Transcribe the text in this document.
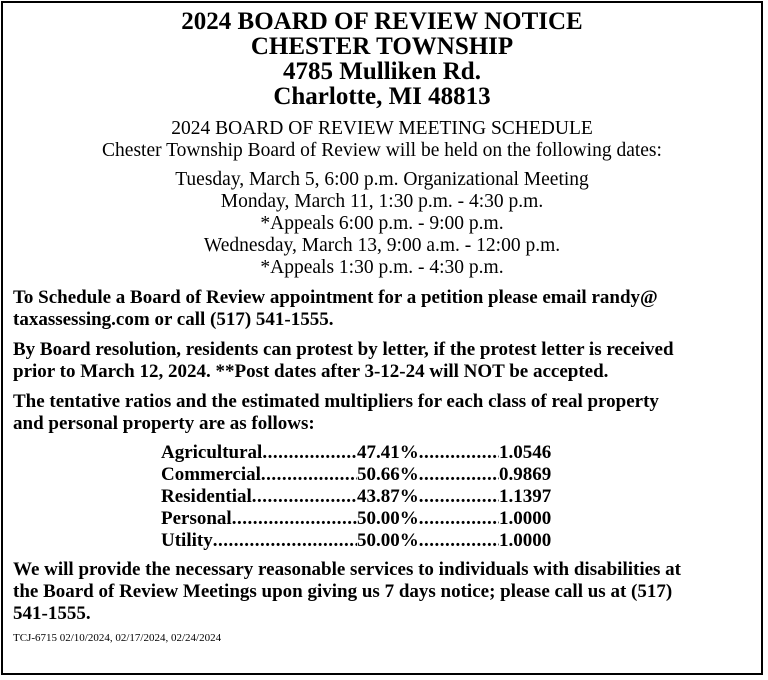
2024 BOARD OF REVIEW NOTICE
CHESTER TOWNSHIP
4785 Mulliken Rd.
Charlotte, MI 48813
2024 BOARD OF REVIEW MEETING SCHEDULE
Chester Township Board of Review will be held on the following dates:
Tuesday, March 5, 6:00 p.m. Organizational Meeting
Monday, March 11, 1:30 p.m. - 4:30 p.m.
*Appeals 6:00 p.m. - 9:00 p.m.
Wednesday, March 13, 9:00 a.m. - 12:00 p.m.
*Appeals 1:30 p.m. - 4:30 p.m.
To Schedule a Board of Review appointment for a petition please email randy@
taxassessing.com or call (517) 541-1555.
By Board resolution, residents can protest by letter, if the protest letter is received
prior to March 12, 2024. **Post dates after 3-12-24 will NOT be accepted.
The tentative ratios and the estimated multipliers for each class of real property
and personal property are as follows:
Agricultural .....	47.41% .....	1.0546
Commercial .....	50.66% .....	0.9869
Residential .....	43.87% .....	1.1397
Personal .....	50.00% .....	1.0000
Utility .....	50.00% .....	1.0000
We will provide the necessary reasonable services to individuals with disabilities at
the Board of Review Meetings upon giving us 7 days notice; please call us at (517)
541-1555.
TCJ-6715 02/10/2024, 02/17/2024, 02/24/2024
